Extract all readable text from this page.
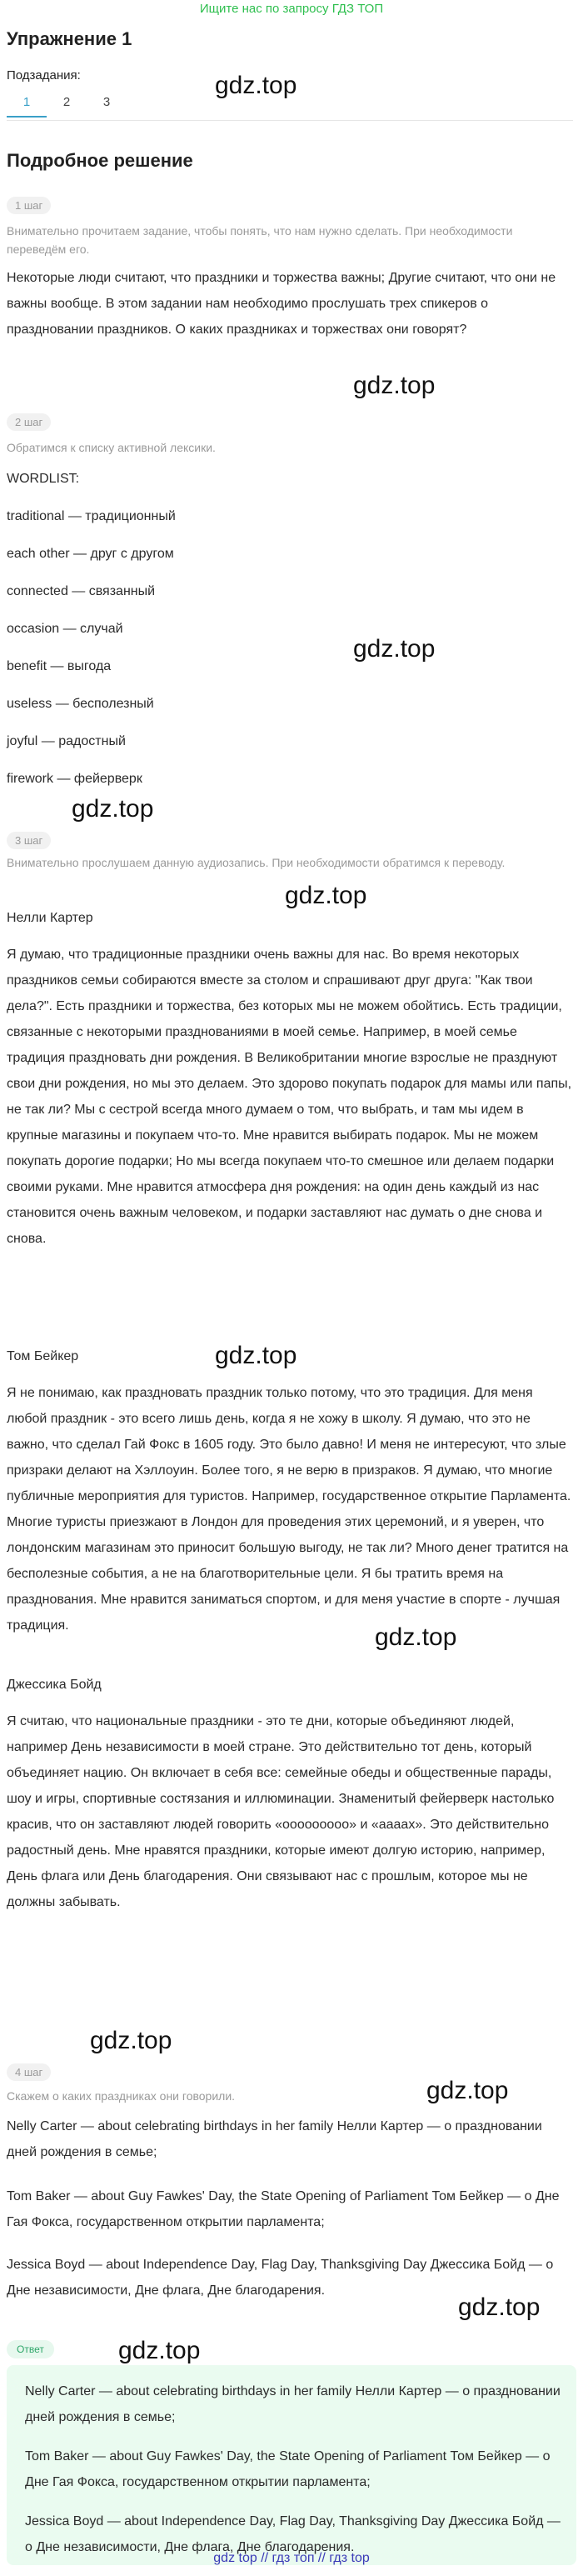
Ищите нас по запросу ГДЗ ТОП
Упражнение 1
Подзадания:
1	2	3
gdz.top
Подробное решение
1 шаг
Внимательно прочитаем задание, чтобы понять, что нам нужно сделать. При необходимости переведём его.
Некоторые люди считают, что праздники и торжества важны; Другие считают, что они не важны вообще. В этом задании нам необходимо прослушать трех спикеров о праздновании праздников. О каких праздниках и торжествах они говорят?
gdz.top
2 шаг
Обратимся к списку активной лексики.
WORDLIST:
traditional — традиционный
each other — друг с другом
connected — связанный
occasion — случай
benefit — выгода
useless — бесполезный
joyful — радостный
firework — фейерверк
gdz.top
gdz.top
3 шаг
Внимательно прослушаем данную аудиозапись. При необходимости обратимся к переводу.
gdz.top
Нелли Картер
Я думаю, что традиционные праздники очень важны для нас. Во время некоторых праздников семьи собираются вместе за столом и спрашивают друг друга: "Как твои дела?". Есть праздники и торжества, без которых мы не можем обойтись. Есть традиции, связанные с некоторыми празднованиями в моей семье. Например, в моей семье традиция праздновать дни рождения. В Великобритании многие взрослые не празднуют свои дни рождения, но мы это делаем. Это здорово покупать подарок для мамы или папы, не так ли? Мы с сестрой всегда много думаем о том, что выбрать, и там мы идем в крупные магазины и покупаем что-то. Мне нравится выбирать подарок. Мы не можем покупать дорогие подарки; Но мы всегда покупаем что-то смешное или делаем подарки своими руками. Мне нравится атмосфера дня рождения: на один день каждый из нас становится очень важным человеком, и подарки заставляют нас думать о дне снова и снова.
Том Бейкер	gdz.top
Я не понимаю, как праздновать праздник только потому, что это традиция. Для меня любой праздник - это всего лишь день, когда я не хожу в школу. Я думаю, что это не важно, что сделал Гай Фокс в 1605 году. Это было давно! И меня не интересуют, что злые призраки делают на Хэллоуин. Более того, я не верю в призраков. Я думаю, что многие публичные мероприятия для туристов. Например, государственное открытие Парламента. Многие туристы приезжают в Лондон для проведения этих церемоний, и я уверен, что лондонским магазинам это приносит большую выгоду, не так ли? Много денег тратится на бесполезные события, а не на благотворительные цели. Я бы тратить время на празднования. Мне нравится заниматься спортом, и для меня участие в спорте - лучшая традиция.	gdz.top
Джессика Бойд
Я считаю, что национальные праздники - это те дни, которые объединяют людей, например День независимости в моей стране. Это действительно тот день, который объединяет нацию. Он включает в себя все: семейные обеды и общественные парады, шоу и игры, спортивные состязания и иллюминации. Знаменитый фейерверк настолько красив, что он заставляют людей говорить «ооооооооо» и «ааааx». Это действительно радостный день. Мне нравятся праздники, которые имеют долгую историю, например, День флага или День благодарения. Они связывают нас с прошлым, которое мы не должны забывать.
gdz.top
4 шаг
Скажем о каких праздниках они говорили.	gdz.top
Nelly Carter — about celebrating birthdays in her family Нелли Картер — о праздновании дней рождения в семье;
Tom Baker — about Guy Fawkes' Day, the State Opening of Parliament Том Бейкер — о Дне Гая Фокса, государственном открытии парламента;
Jessica Boyd — about Independence Day, Flag Day, Thanksgiving Day Джессика Бойд — о Дне независимости, Дне флага, Дне благодарения.
gdz.top
Ответ
Nelly Carter — about celebrating birthdays in her family Нелли Картер — о праздновании дней рождения в семье;
Tom Baker — about Guy Fawkes' Day, the State Opening of Parliament Том Бейкер — о Дне Гая Фокса, государственном открытии парламента;
Jessica Boyd — about Independence Day, Flag Day, Thanksgiving Day Джессика Бойд — о Дне независимости, Дне флага, Дне благодарения.
gdz.top
gdz top // гдз топ // гдз top
